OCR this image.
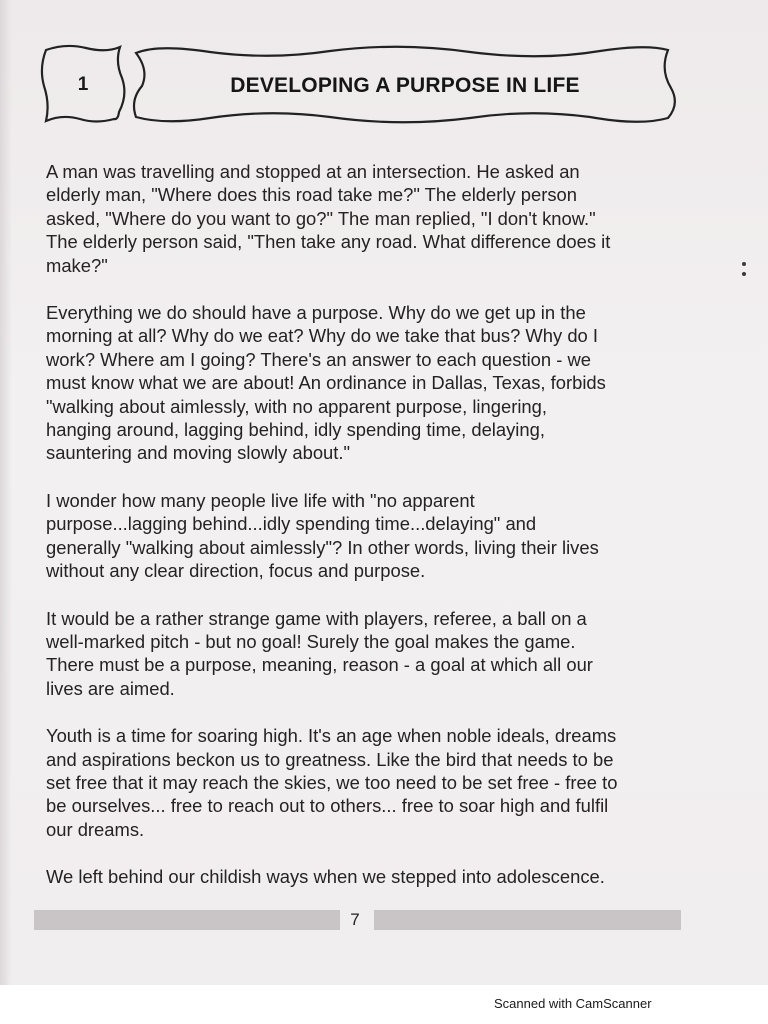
1	DEVELOPING A PURPOSE IN LIFE

A man was travelling and stopped at an intersection. He asked an
elderly man, "Where does this road take me?" The elderly person
asked, "Where do you want to go?" The man replied, "I don't know."
The elderly person said, "Then take any road. What difference does it
make?"

Everything we do should have a purpose. Why do we get up in the
morning at all? Why do we eat? Why do we take that bus? Why do I
work? Where am I going? There's an answer to each question - we
must know what we are about! An ordinance in Dallas, Texas, forbids
"walking about aimlessly, with no apparent purpose, lingering,
hanging around, lagging behind, idly spending time, delaying,
sauntering and moving slowly about."

I wonder how many people live life with "no apparent
purpose...lagging behind...idly spending time...delaying" and
generally "walking about aimlessly"? In other words, living their lives
without any clear direction, focus and purpose.

It would be a rather strange game with players, referee, a ball on a
well-marked pitch - but no goal! Surely the goal makes the game.
There must be a purpose, meaning, reason - a goal at which all our
lives are aimed.

Youth is a time for soaring high. It's an age when noble ideals, dreams
and aspirations beckon us to greatness. Like the bird that needs to be
set free that it may reach the skies, we too need to be set free - free to
be ourselves... free to reach out to others... free to soar high and fulfil
our dreams.

We left behind our childish ways when we stepped into adolescence.

7
Scanned with CamScanner
